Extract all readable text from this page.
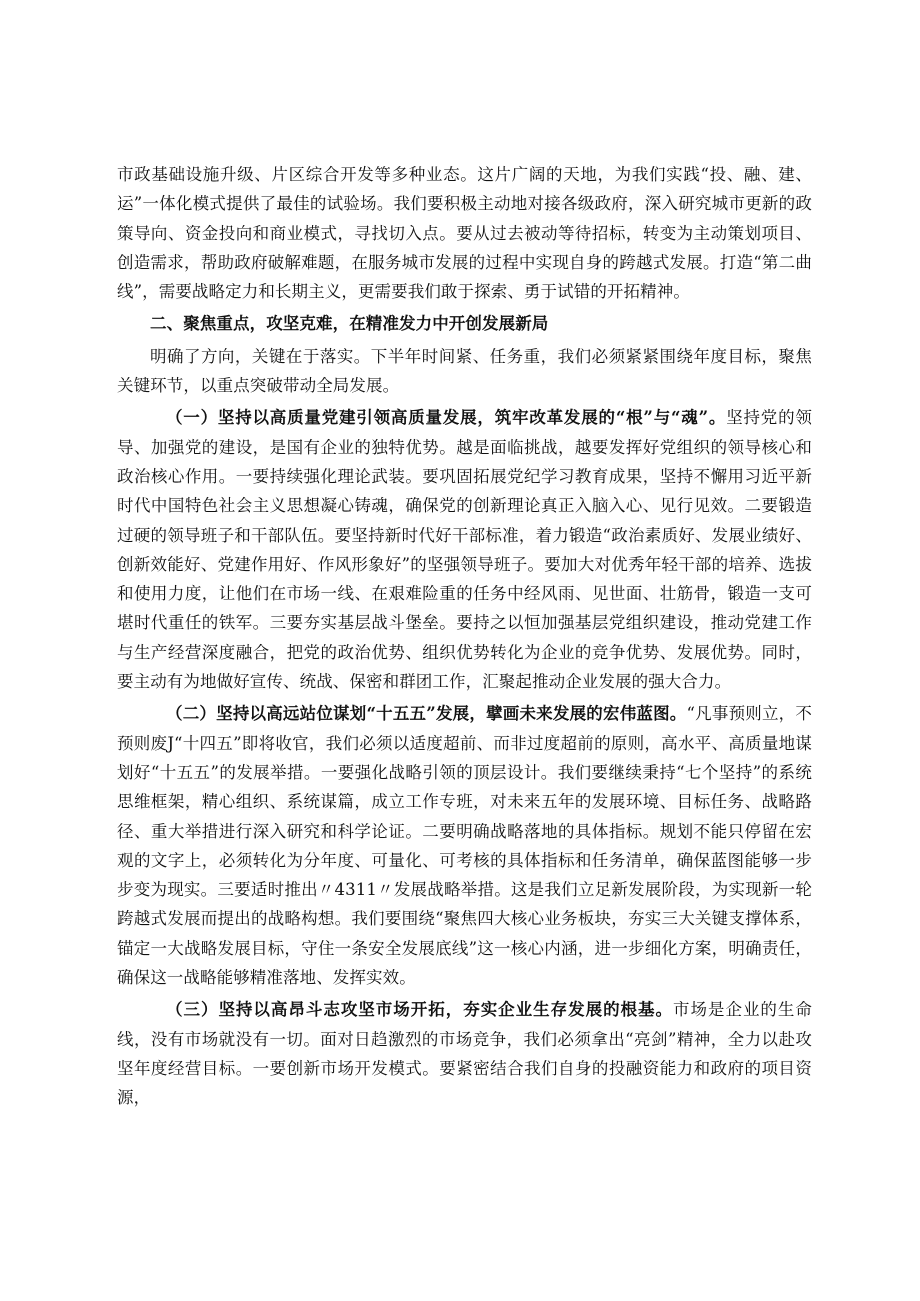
市政基础设施升级、片区综合开发等多种业态。这片广阔的天地，为我们实践“投、融、建、运”一体化模式提供了最佳的试验场。我们要积极主动地对接各级政府，深入研究城市更新的政策导向、资金投向和商业模式，寻找切入点。要从过去被动等待招标，转变为主动策划项目、创造需求，帮助政府破解难题，在服务城市发展的过程中实现自身的跨越式发展。打造“第二曲线”，需要战略定力和长期主义，更需要我们敢于探索、勇于试错的开拓精神。

二、聚焦重点，攻坚克难，在精准发力中开创发展新局

明确了方向，关键在于落实。下半年时间紧、任务重，我们必须紧紧围绕年度目标，聚焦关键环节，以重点突破带动全局发展。

（一）坚持以高质量党建引领高质量发展，筑牢改革发展的“根”与“魂”。坚持党的领导、加强党的建设，是国有企业的独特优势。越是面临挑战，越要发挥好党组织的领导核心和政治核心作用。一要持续强化理论武装。要巩固拓展党纪学习教育成果，坚持不懈用习近平新时代中国特色社会主义思想凝心铸魂，确保党的创新理论真正入脑入心、见行见效。二要锻造过硬的领导班子和干部队伍。要坚持新时代好干部标准，着力锻造“政治素质好、发展业绩好、创新效能好、党建作用好、作风形象好”的坚强领导班子。要加大对优秀年轻干部的培养、选拔和使用力度，让他们在市场一线、在艰难险重的任务中经风雨、见世面、壮筋骨，锻造一支可堪时代重任的铁军。三要夯实基层战斗堡垒。要持之以恒加强基层党组织建设，推动党建工作与生产经营深度融合，把党的政治优势、组织优势转化为企业的竞争优势、发展优势。同时，要主动有为地做好宣传、统战、保密和群团工作，汇聚起推动企业发展的强大合力。

（二）坚持以高远站位谋划“十五五”发展，擘画未来发展的宏伟蓝图。“凡事预则立，不预则废J“十四五”即将收官，我们必须以适度超前、而非过度超前的原则，高水平、高质量地谋划好“十五五”的发展举措。一要强化战略引领的顶层设计。我们要继续秉持“七个坚持”的系统思维框架，精心组织、系统谋篇，成立工作专班，对未来五年的发展环境、目标任务、战略路径、重大举措进行深入研究和科学论证。二要明确战略落地的具体指标。规划不能只停留在宏观的文字上，必须转化为分年度、可量化、可考核的具体指标和任务清单，确保蓝图能够一步步变为现实。三要适时推出〃4311〃发展战略举措。这是我们立足新发展阶段，为实现新一轮跨越式发展而提出的战略构想。我们要围绕“聚焦四大核心业务板块，夯实三大关键支撑体系，锚定一大战略发展目标，守住一条安全发展底线”这一核心内涵，进一步细化方案，明确责任，确保这一战略能够精准落地、发挥实效。

（三）坚持以高昂斗志攻坚市场开拓，夯实企业生存发展的根基。市场是企业的生命线，没有市场就没有一切。面对日趋激烈的市场竞争，我们必须拿出“亮剑”精神，全力以赴攻坚年度经营目标。一要创新市场开发模式。要紧密结合我们自身的投融资能力和政府的项目资源，
